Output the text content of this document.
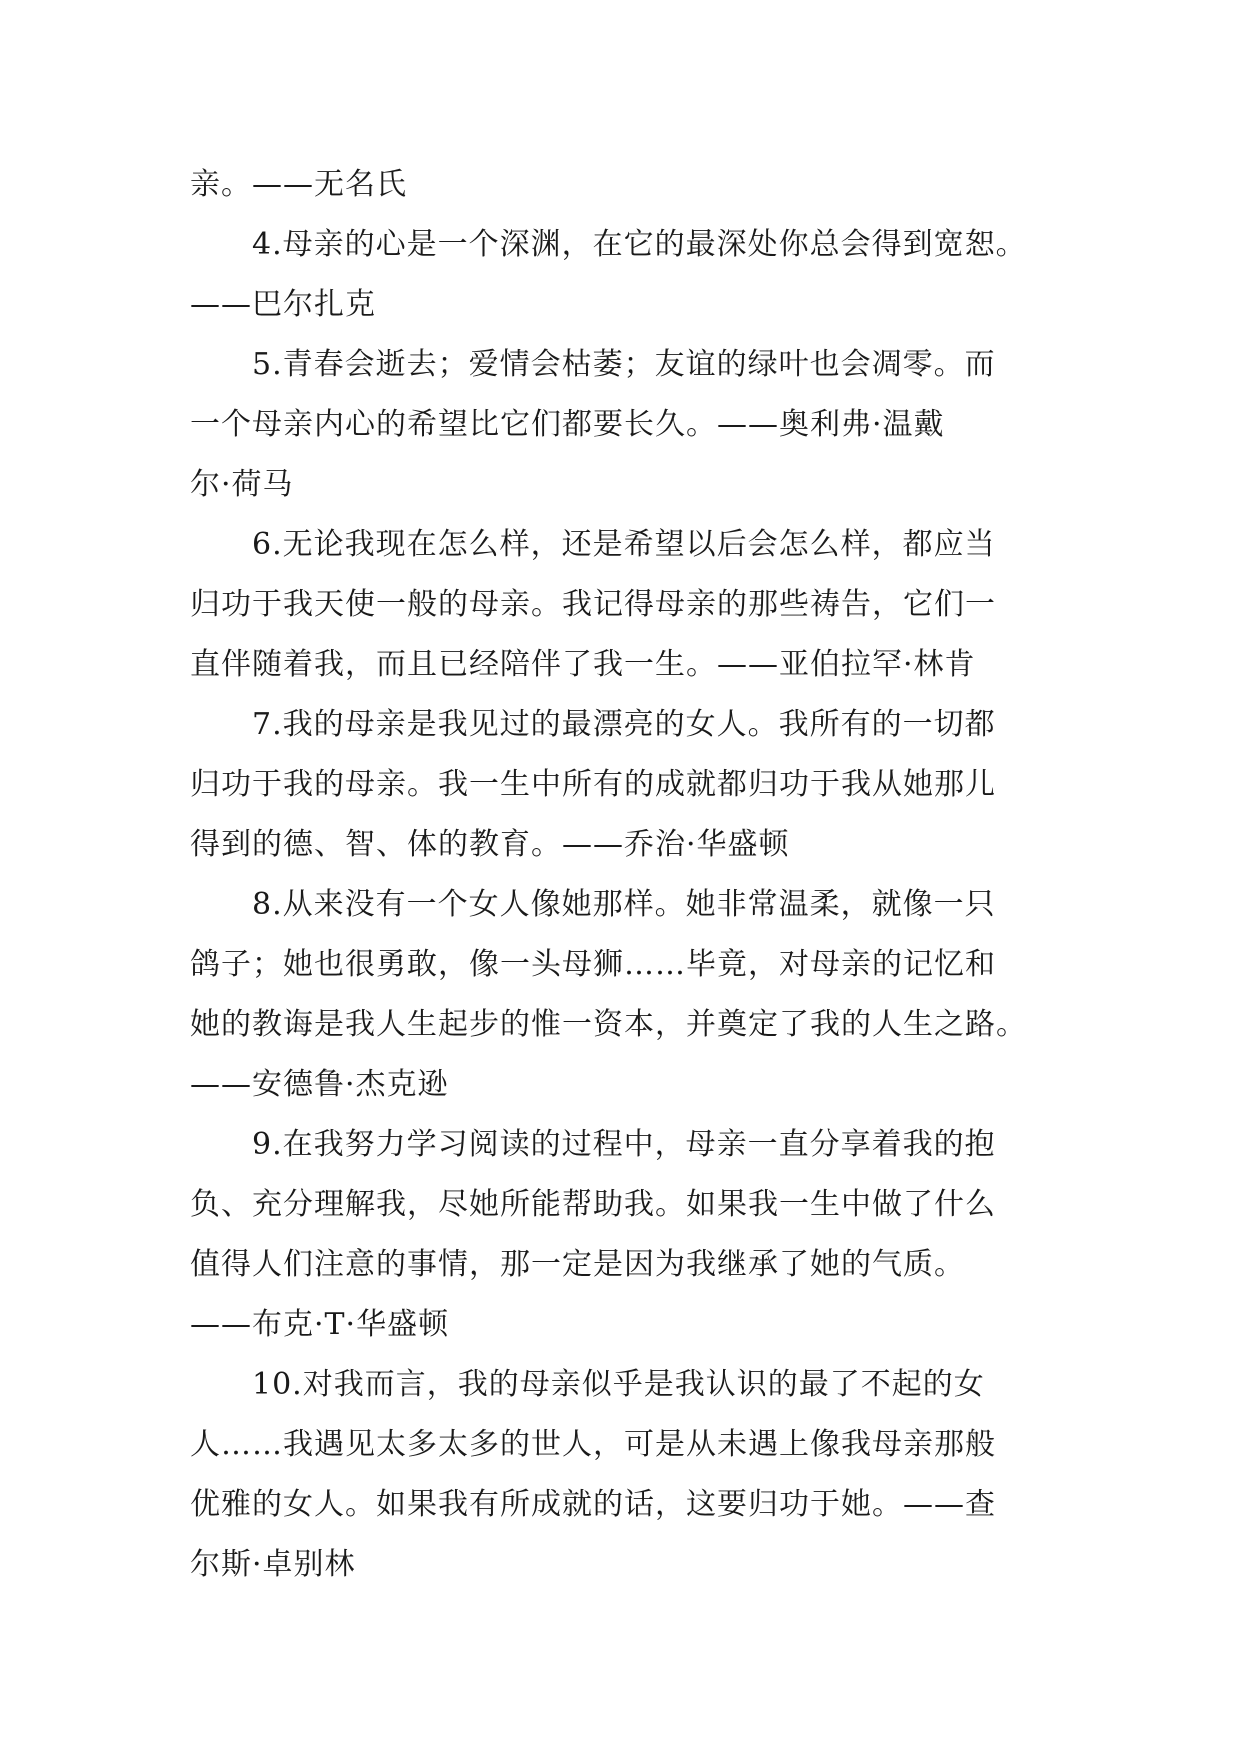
亲。——无名氏
4.母亲的心是一个深渊，在它的最深处你总会得到宽恕。
——巴尔扎克
5.青春会逝去；爱情会枯萎；友谊的绿叶也会凋零。而
一个母亲内心的希望比它们都要长久。——奥利弗·温戴
尔·荷马
6.无论我现在怎么样，还是希望以后会怎么样，都应当
归功于我天使一般的母亲。我记得母亲的那些祷告，它们一
直伴随着我，而且已经陪伴了我一生。——亚伯拉罕·林肯
7.我的母亲是我见过的最漂亮的女人。我所有的一切都
归功于我的母亲。我一生中所有的成就都归功于我从她那儿
得到的德、智、体的教育。——乔治·华盛顿
8.从来没有一个女人像她那样。她非常温柔，就像一只
鸽子；她也很勇敢，像一头母狮……毕竟，对母亲的记忆和
她的教诲是我人生起步的惟一资本，并奠定了我的人生之路。
——安德鲁·杰克逊
9.在我努力学习阅读的过程中，母亲一直分享着我的抱
负、充分理解我，尽她所能帮助我。如果我一生中做了什么
值得人们注意的事情，那一定是因为我继承了她的气质。
——布克·T·华盛顿
10.对我而言，我的母亲似乎是我认识的最了不起的女
人……我遇见太多太多的世人，可是从未遇上像我母亲那般
优雅的女人。如果我有所成就的话，这要归功于她。——查
尔斯·卓别林
